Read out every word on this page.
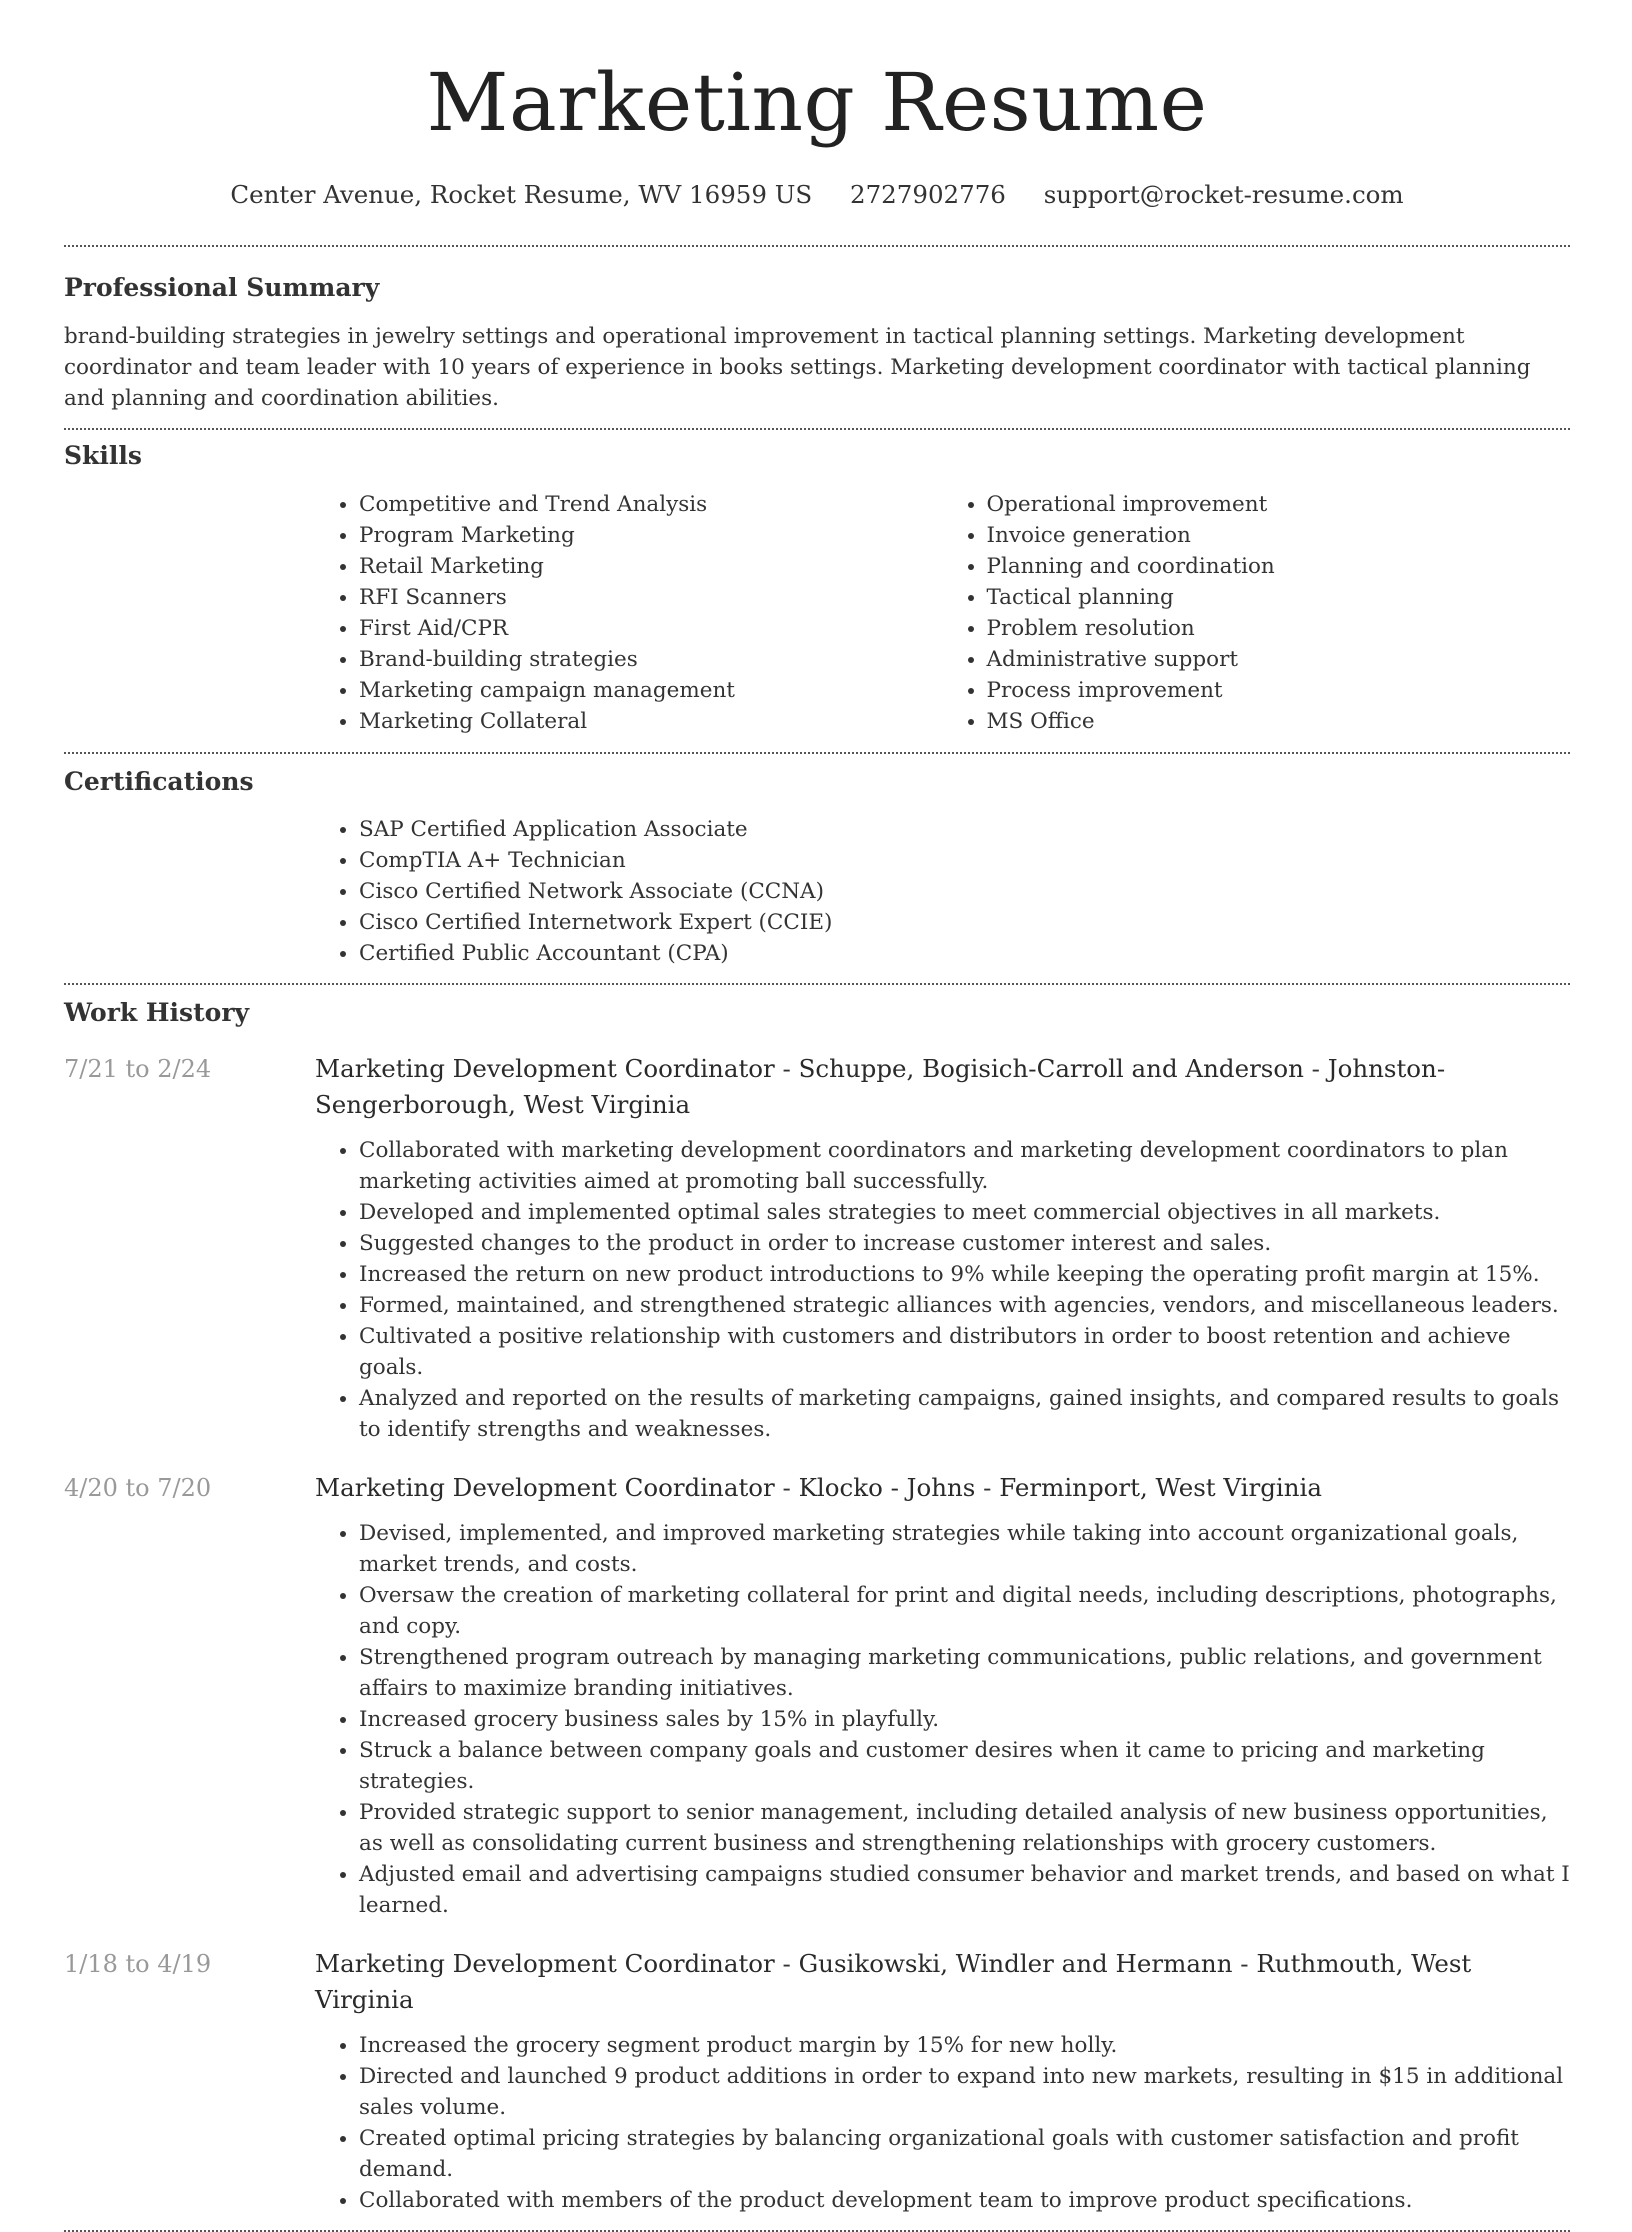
Marketing Resume
Center Avenue, Rocket Resume, WV 16959 US 2727902776 support@rocket-resume.com
Professional Summary

brand-building strategies in jewelry settings and operational improvement in tactical planning settings. Marketing development coordinator and team leader with 10 years of experience in books settings. Marketing development coordinator with tactical planning and planning and coordination abilities.

Skills
• Competitive and Trend Analysis
• Program Marketing
• Retail Marketing
• RFI Scanners
• First Aid/CPR
• Brand-building strategies
• Marketing campaign management
• Marketing Collateral
• Operational improvement
• Invoice generation
• Planning and coordination
• Tactical planning
• Problem resolution
• Administrative support
• Process improvement
• MS Office
Certifications
• SAP Certified Application Associate
• CompTIA A+ Technician
• Cisco Certified Network Associate (CCNA)
• Cisco Certified Internetwork Expert (CCIE)
• Certified Public Accountant (CPA)
Work History
7/21 to 2/24	Marketing Development Coordinator - Schuppe, Bogisich-Carroll and Anderson - Johnston-Sengerborough, West Virginia

• Collaborated with marketing development coordinators and marketing development coordinators to plan marketing activities aimed at promoting ball successfully.
• Developed and implemented optimal sales strategies to meet commercial objectives in all markets.
• Suggested changes to the product in order to increase customer interest and sales.
• Increased the return on new product introductions to 9% while keeping the operating profit margin at 15%.
• Formed, maintained, and strengthened strategic alliances with agencies, vendors, and miscellaneous leaders.
• Cultivated a positive relationship with customers and distributors in order to boost retention and achieve goals.
• Analyzed and reported on the results of marketing campaigns, gained insights, and compared results to goals to identify strengths and weaknesses.
4/20 to 7/20	Marketing Development Coordinator - Klocko - Johns - Ferminport, West Virginia

• Devised, implemented, and improved marketing strategies while taking into account organizational goals, market trends, and costs.
• Oversaw the creation of marketing collateral for print and digital needs, including descriptions, photographs, and copy.
• Strengthened program outreach by managing marketing communications, public relations, and government affairs to maximize branding initiatives.
• Increased grocery business sales by 15% in playfully.
• Struck a balance between company goals and customer desires when it came to pricing and marketing strategies.
• Provided strategic support to senior management, including detailed analysis of new business opportunities, as well as consolidating current business and strengthening relationships with grocery customers.
• Adjusted email and advertising campaigns studied consumer behavior and market trends, and based on what I learned.
1/18 to 4/19	Marketing Development Coordinator - Gusikowski, Windler and Hermann - Ruthmouth, West Virginia

• Increased the grocery segment product margin by 15% for new holly.
• Directed and launched 9 product additions in order to expand into new markets, resulting in $15 in additional sales volume.
• Created optimal pricing strategies by balancing organizational goals with customer satisfaction and profit demand.
• Collaborated with members of the product development team to improve product specifications.
